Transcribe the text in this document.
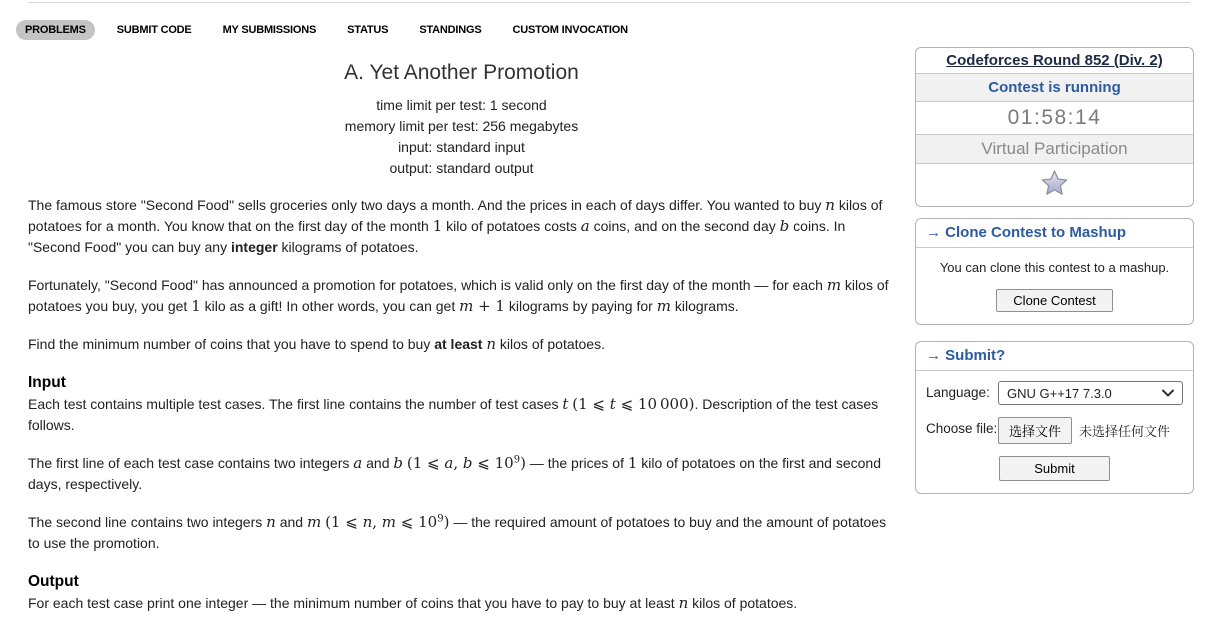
PROBLEMS	SUBMIT CODE	MY SUBMISSIONS	STATUS	STANDINGS	CUSTOM INVOCATION
A. Yet Another Promotion
time limit per test: 1 second
memory limit per test: 256 megabytes
input: standard input
output: standard output

The famous store "Second Food" sells groceries only two days a month. And the prices in each of days differ. You wanted to buy n kilos of potatoes for a month. You know that on the first day of the month 1 kilo of potatoes costs a coins, and on the second day b coins. In "Second Food" you can buy any integer kilograms of potatoes.

Fortunately, "Second Food" has announced a promotion for potatoes, which is valid only on the first day of the month — for each m kilos of potatoes you buy, you get 1 kilo as a gift! In other words, you can get m + 1 kilograms by paying for m kilograms.

Find the minimum number of coins that you have to spend to buy at least n kilos of potatoes.

Input

Each test contains multiple test cases. The first line contains the number of test cases t (1 ⩽ t ⩽ 10 000). Description of the test cases follows.

The first line of each test case contains two integers a and b (1 ⩽ a, b ⩽ $10^9$) — the prices of 1 kilo of potatoes on the first and second days, respectively.

The second line contains two integers n and m (1 ⩽ n, m ⩽ $10^9$) — the required amount of potatoes to buy and the amount of potatoes to use the promotion.

Output

For each test case print one integer — the minimum number of coins that you have to pay to buy at least n kilos of potatoes.

Codeforces Round 852 (Div. 2)
Contest is running
01:58:14
Virtual Participation
→ Clone Contest to Mashup

You can clone this contest to a mashup.

Clone Contest
→ Submit?
Language:	GNU G++17 7.3.0
Choose file: 选择文件	未选择任何文件
Submit
